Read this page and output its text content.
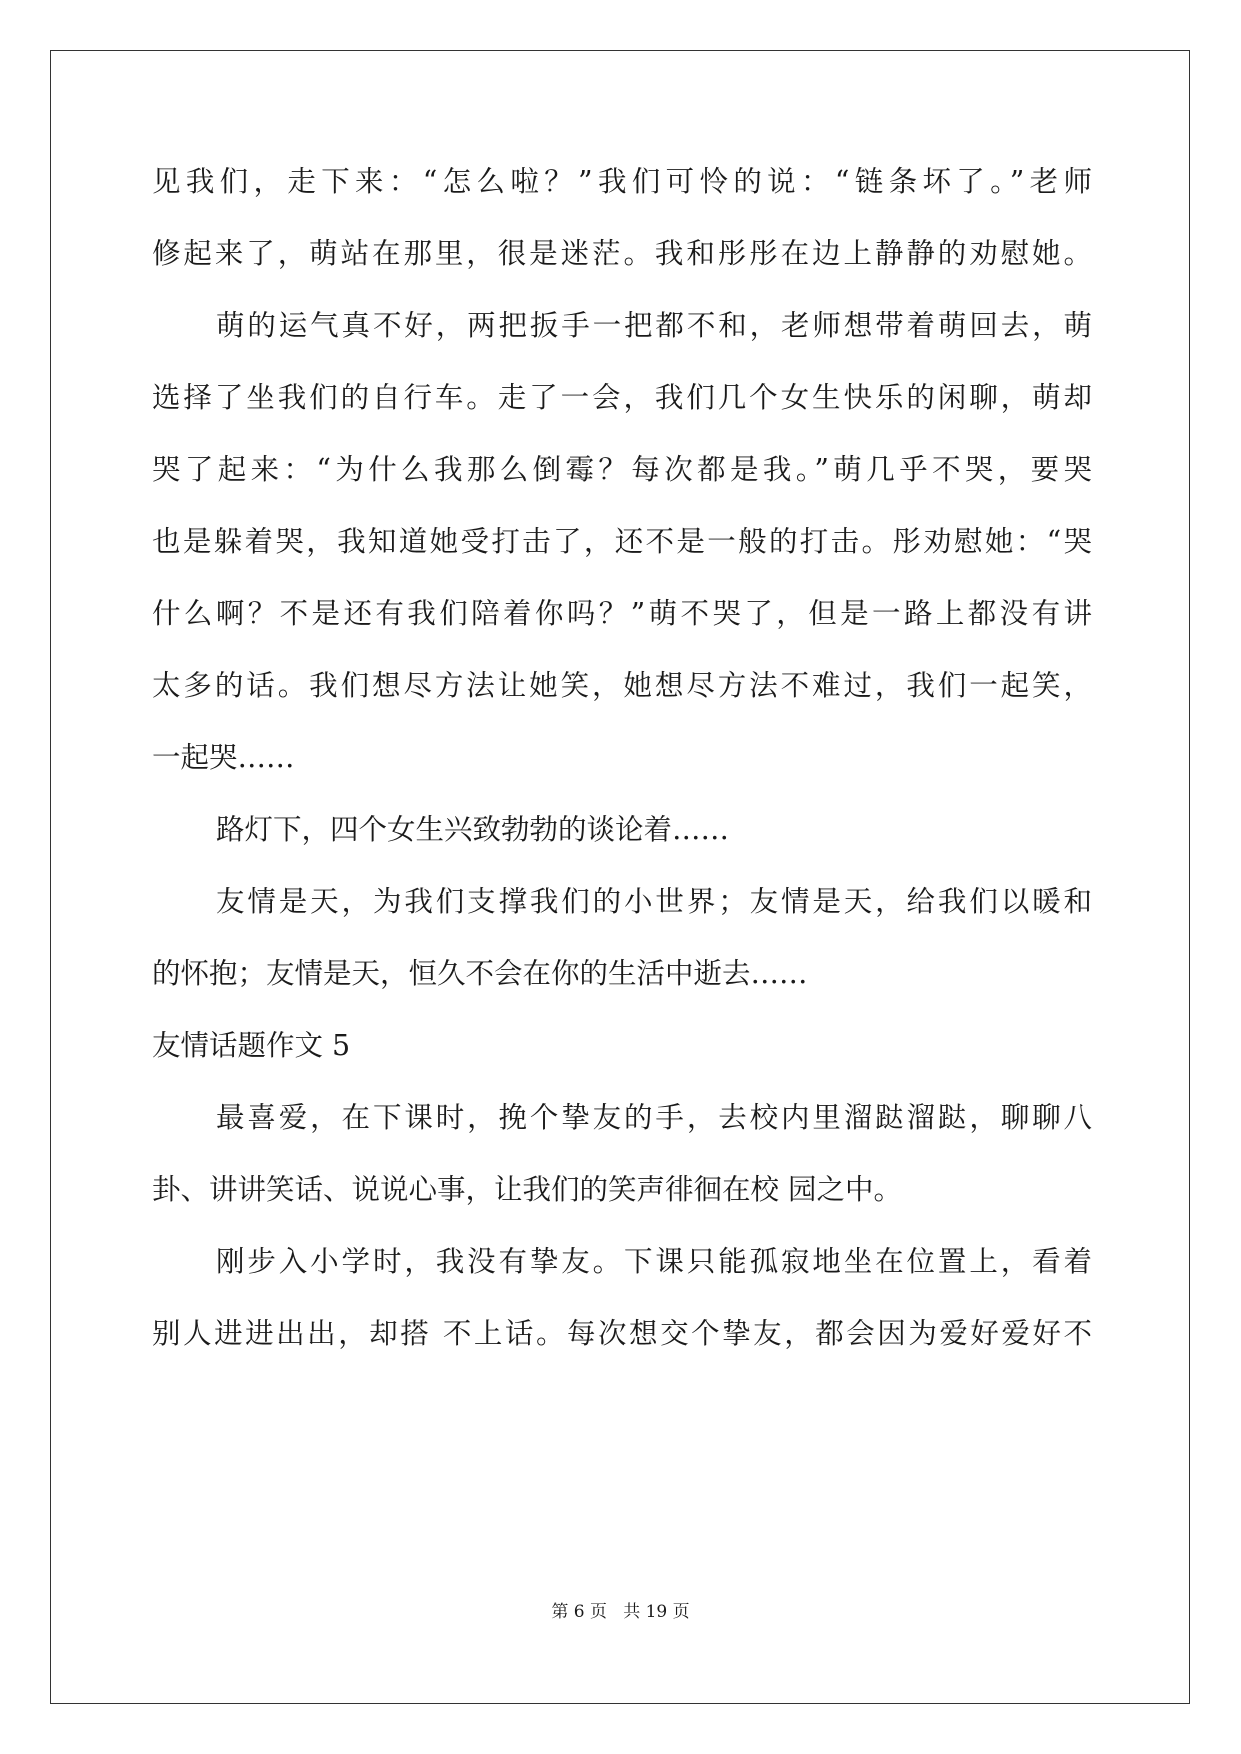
见我们，走下来：“怎么啦？”我们可怜的说：“链条坏了。”老师
修起来了，萌站在那里，很是迷茫。我和彤彤在边上静静的劝慰她。
萌的运气真不好，两把扳手一把都不和，老师想带着萌回去，萌
选择了坐我们的自行车。走了一会，我们几个女生快乐的闲聊，萌却
哭了起来：“为什么我那么倒霉？每次都是我。”萌几乎不哭，要哭
也是躲着哭，我知道她受打击了，还不是一般的打击。彤劝慰她：“哭
什么啊？不是还有我们陪着你吗？”萌不哭了，但是一路上都没有讲
太多的话。我们想尽方法让她笑，她想尽方法不难过，我们一起笑，
一起哭……
路灯下，四个女生兴致勃勃的谈论着……
友情是天，为我们支撑我们的小世界；友情是天，给我们以暖和
的怀抱；友情是天，恒久不会在你的生活中逝去……
友情话题作文 5
最喜爱，在下课时，挽个挚友的手，去校内里溜跶溜跶，聊聊八
卦、讲讲笑话、说说心事，让我们的笑声徘徊在校 园之中。
刚步入小学时，我没有挚友。下课只能孤寂地坐在位置上，看着
别人进进出出，却搭 不上话。每次想交个挚友，都会因为爱好爱好不
第 6 页   共 19 页
